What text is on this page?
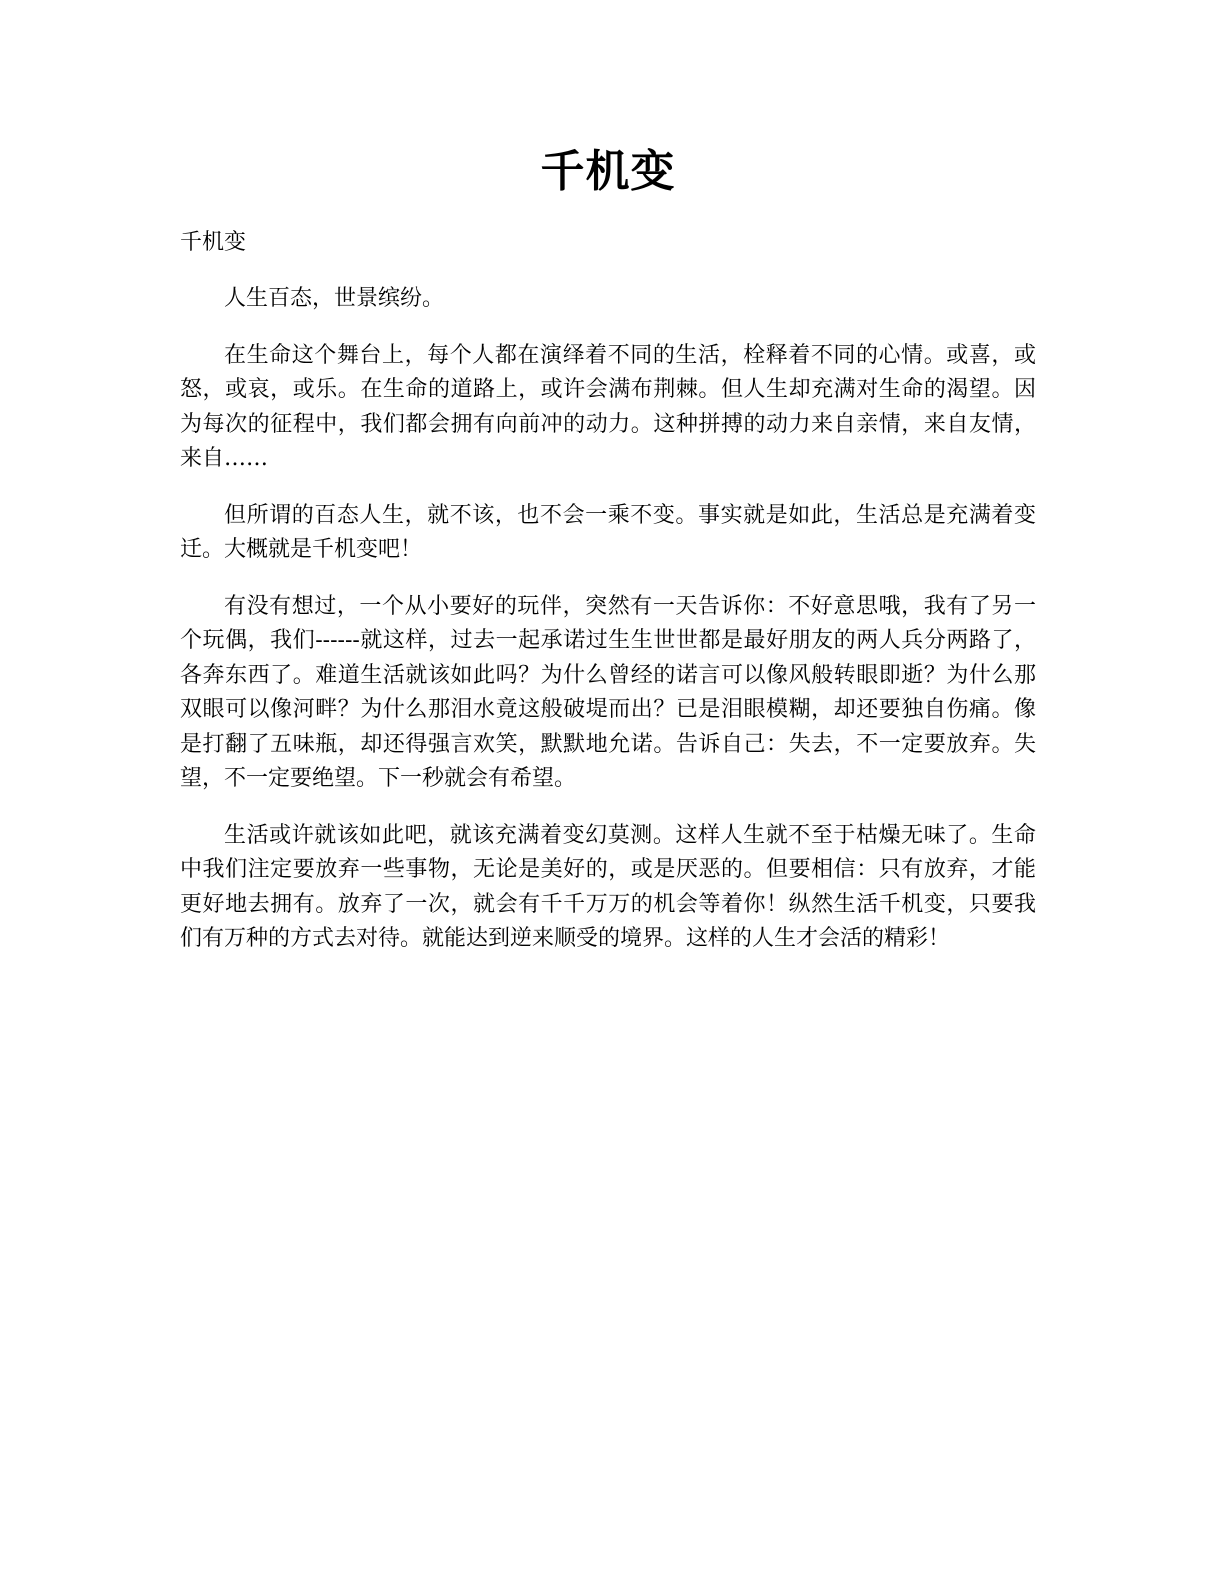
千机变

千机变

人生百态，世景缤纷。

在生命这个舞台上，每个人都在演绎着不同的生活，栓释着不同的心情。或喜，或怒，或哀，或乐。在生命的道路上，或许会满布荆棘。但人生却充满对生命的渴望。因为每次的征程中，我们都会拥有向前冲的动力。这种拼搏的动力来自亲情，来自友情，来自……

但所谓的百态人生，就不该，也不会一乘不变。事实就是如此，生活总是充满着变迁。大概就是千机变吧！

有没有想过，一个从小要好的玩伴，突然有一天告诉你：不好意思哦，我有了另一个玩偶，我们------就这样，过去一起承诺过生生世世都是最好朋友的两人兵分两路了，各奔东西了。难道生活就该如此吗？为什么曾经的诺言可以像风般转眼即逝？为什么那双眼可以像河畔？为什么那泪水竟这般破堤而出？已是泪眼模糊，却还要独自伤痛。像是打翻了五味瓶，却还得强言欢笑，默默地允诺。告诉自己：失去，不一定要放弃。失望，不一定要绝望。下一秒就会有希望。

生活或许就该如此吧，就该充满着变幻莫测。这样人生就不至于枯燥无味了。生命中我们注定要放弃一些事物，无论是美好的，或是厌恶的。但要相信：只有放弃，才能更好地去拥有。放弃了一次，就会有千千万万的机会等着你！纵然生活千机变，只要我们有万种的方式去对待。就能达到逆来顺受的境界。这样的人生才会活的精彩！
